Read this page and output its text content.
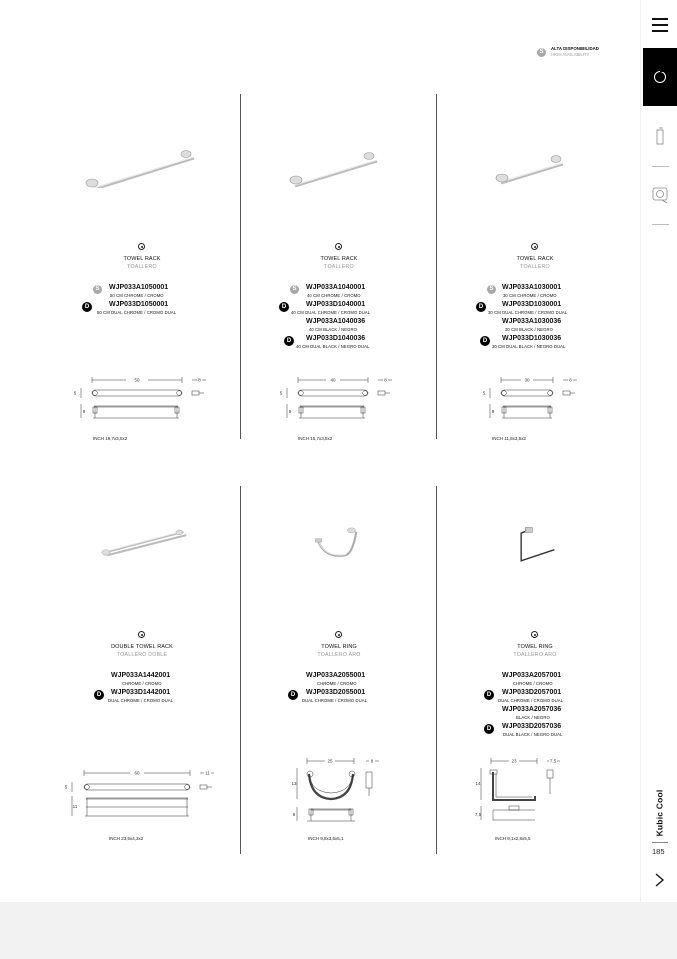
S
ALTA DISPONIBILIDAD
HIGH AVAILABILITY
TOWEL RACK
TOALLERO
S	WJP033A1050001
50 CM CHROME / CROMO
D	WJP033D1050001
50 CM DUAL CHROME / CROMO DUAL
50	8
5
9
INCH 19,7x3,5x2
TOWEL RACK
TOALLERO
S	WJP033A1040001
40 CM CHROME / CROMO
D	WJP033D1040001
40 CM DUAL CHROME / CROMO DUAL
WJP033A1040036
40 CM BLACK / NEGRO
D	WJP033D1040036
40 CM DUAL BLACK / NEGRO DUAL
40	8
5
9
INCH 15,7x3,5x2
TOWEL RACK
TOALLERO
S	WJP033A1030001
30 CM CHROME / CROMO
D	WJP033D1030001
30 CM DUAL CHROME / CROMO DUAL
WJP033A1030036
30 CM BLACK / NEGRO
D	WJP033D1030036
30 CM DUAL BLACK / NEGRO DUAL
30	8
5
9
INCH 11,8x3,5x2
DOUBLE TOWEL RACK
TOALLERO DOBLE
WJP033A1442001
CHROME / CROMO
D	WJP033D1442001
DUAL CHROME / CROMO DUAL
60	11
5
11
INCH 23,6x4,3x2
TOWEL RING
TOALLERO ARO
WJP033A2055001
CHROME / CROMO
D	WJP033D2055001
DUAL CHROME / CROMO DUAL
25	8
13
9
INCH 9,8x3,5x5,1
TOWEL RING
TOALLERO ARO
WJP033A2057001
CHROME / CROMO
D	WJP033D2057001
DUAL CHROME / CROMO DUAL
WJP033A2057036
BLACK / NEGRO
D	WJP033D2057036
DUAL BLACK / NEGRO DUAL
23	7,5
14
7,5
INCH 9,1x2,8x5,5
Kubic Cool
185
